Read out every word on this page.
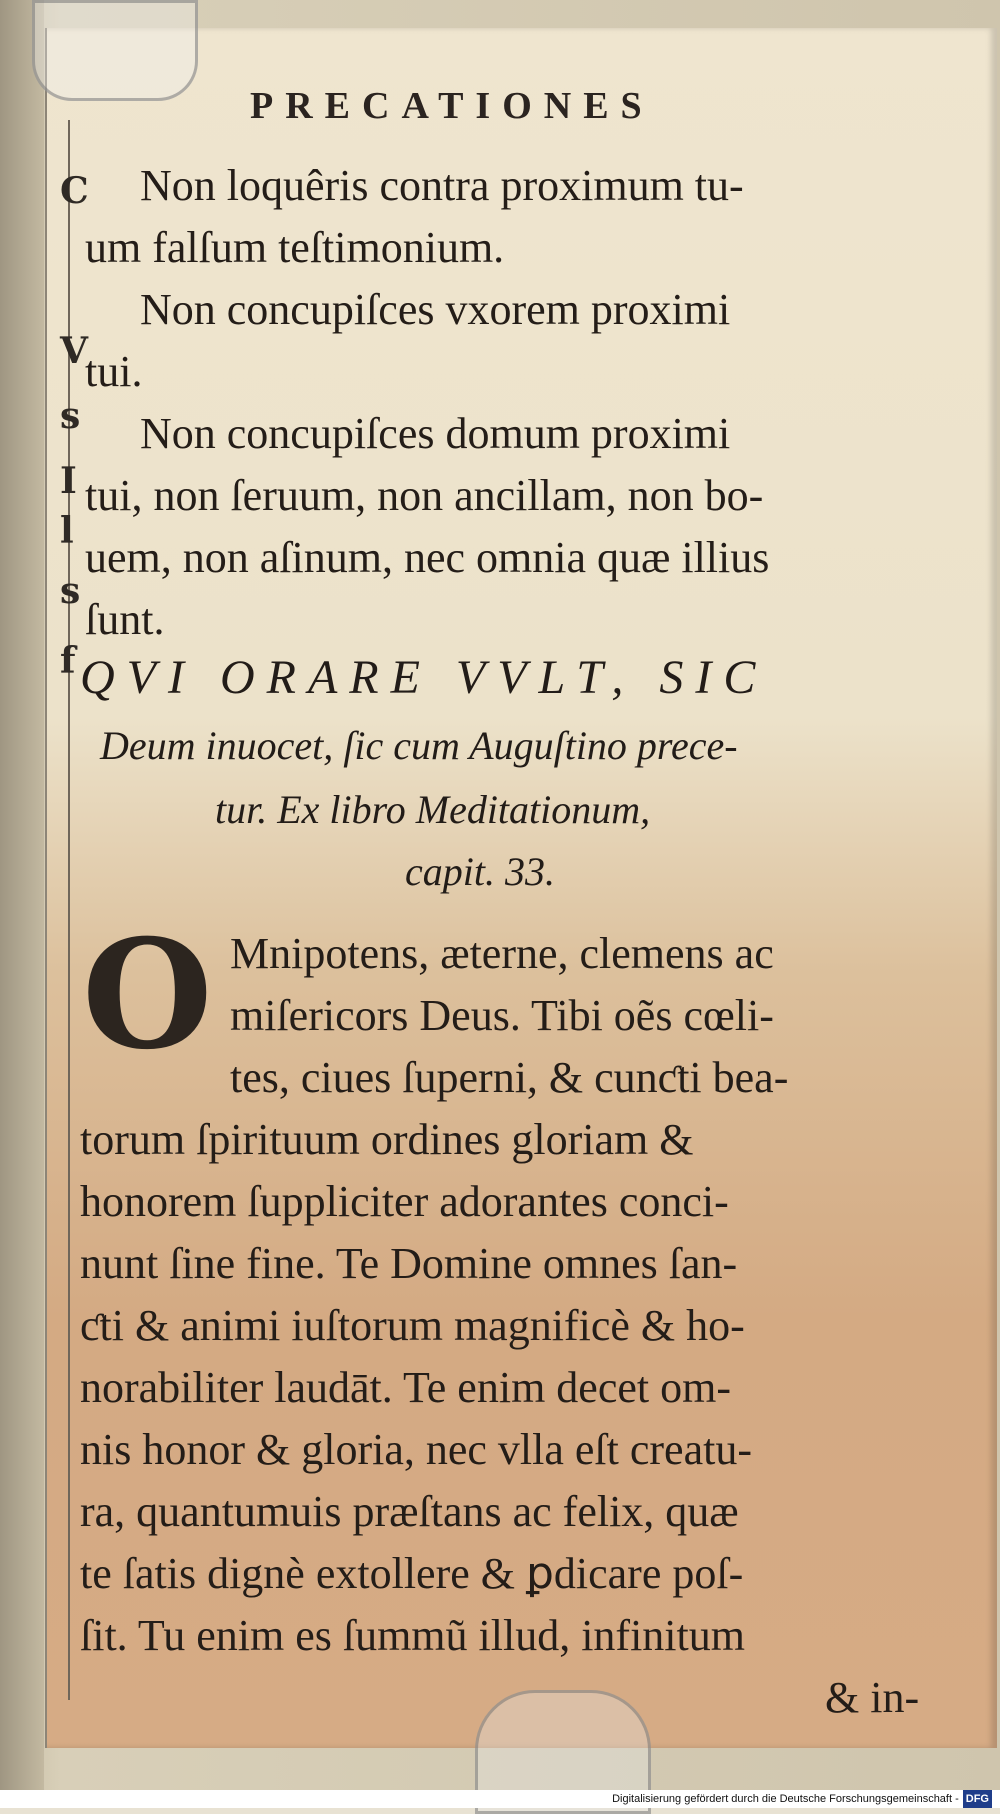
C
V
s
I
l
s
f
PRECATIONES
Non loquêris contra proximum tu-
um falſum teſtimonium.
Non concupiſces vxorem proximi
tui.
Non concupiſces domum proximi
tui, non ſeruum, non ancillam, non bo-
uem, non aſinum, nec omnia quæ illius
ſunt.
QVI ORARE VVLT, SIC
Deum inuocet, ſic cum Auguſtino prece-
tur. Ex libro Meditationum,
capit. 33.
O Mnipotens, æterne, clemens ac
miſericors Deus. Tibi oẽs cœli-
tes, ciues ſuperni, & cunƈti bea-
torum ſpirituum ordines gloriam &
honorem ſuppliciter adorantes conci-
nunt ſine fine. Te Domine omnes ſan-
ƈti & animi iuſtorum magnificè & ho-
norabiliter laudāt. Te enim decet om-
nis honor & gloria, nec vlla eſt creatu-
ra, quantumuis præſtans ac felix, quæ
te ſatis dignè extollere & ꝑdicare poſ-
ſit. Tu enim es ſummũ illud, infinitum
& in-
Digitalisierung gefördert durch die Deutsche Forschungsgemeinschaft - DFG
